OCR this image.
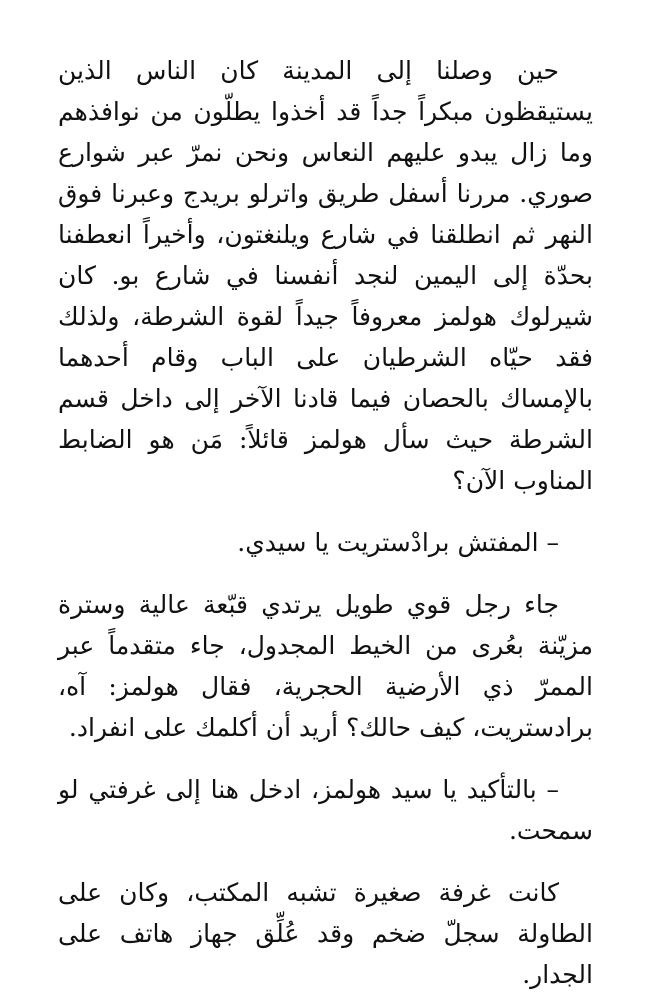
حين وصلنا إلى المدينة كان الناس الذين يستيقظون مبكراً جداً قد أخذوا يطلّون من نوافذهم وما زال يبدو عليهم النعاس ونحن نمرّ عبر شوارع صوري. مررنا أسفل طريق واترلو بريدج وعبرنا فوق النهر ثم انطلقنا في شارع ويلنغتون، وأخيراً انعطفنا بحدّة إلى اليمين لنجد أنفسنا في شارع بو. كان شيرلوك هولمز معروفاً جيداً لقوة الشرطة، ولذلك فقد حيّاه الشرطيان على الباب وقام أحدهما بالإمساك بالحصان فيما قادنا الآخر إلى داخل قسم الشرطة حيث سأل هولمز قائلاً: مَن هو الضابط المناوب الآن؟

– المفتش برادْستريت يا سيدي.

جاء رجل قوي طويل يرتدي قبّعة عالية وسترة مزيّنة بعُرى من الخيط المجدول، جاء متقدماً عبر الممرّ ذي الأرضية الحجرية، فقال هولمز: آه، برادستريت، كيف حالك؟ أريد أن أكلمك على انفراد.

– بالتأكيد يا سيد هولمز، ادخل هنا إلى غرفتي لو سمحت.

كانت غرفة صغيرة تشبه المكتب، وكان على الطاولة سجلّ ضخم وقد عُلِّق جهاز هاتف على الجدار.
